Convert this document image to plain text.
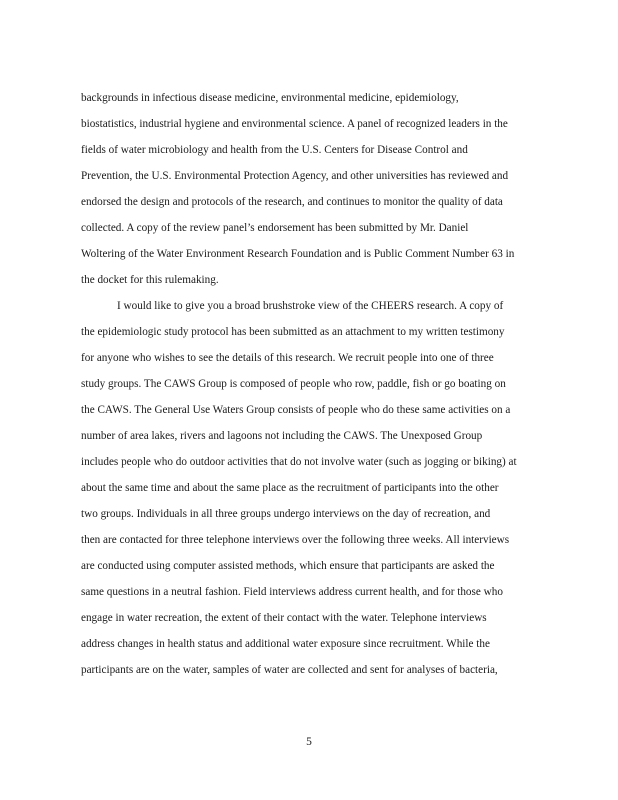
backgrounds in infectious disease medicine, environmental medicine, epidemiology,
biostatistics, industrial hygiene and environmental science. A panel of recognized leaders in the
fields of water microbiology and health from the U.S. Centers for Disease Control and
Prevention, the U.S. Environmental Protection Agency, and other universities has reviewed and
endorsed the design and protocols of the research, and continues to monitor the quality of data
collected. A copy of the review panel’s endorsement has been submitted by Mr. Daniel
Woltering of the Water Environment Research Foundation and is Public Comment Number 63 in
the docket for this rulemaking.
I would like to give you a broad brushstroke view of the CHEERS research. A copy of
the epidemiologic study protocol has been submitted as an attachment to my written testimony
for anyone who wishes to see the details of this research. We recruit people into one of three
study groups. The CAWS Group is composed of people who row, paddle, fish or go boating on
the CAWS. The General Use Waters Group consists of people who do these same activities on a
number of area lakes, rivers and lagoons not including the CAWS. The Unexposed Group
includes people who do outdoor activities that do not involve water (such as jogging or biking) at
about the same time and about the same place as the recruitment of participants into the other
two groups. Individuals in all three groups undergo interviews on the day of recreation, and
then are contacted for three telephone interviews over the following three weeks. All interviews
are conducted using computer assisted methods, which ensure that participants are asked the
same questions in a neutral fashion. Field interviews address current health, and for those who
engage in water recreation, the extent of their contact with the water. Telephone interviews
address changes in health status and additional water exposure since recruitment. While the
participants are on the water, samples of water are collected and sent for analyses of bacteria,
5
